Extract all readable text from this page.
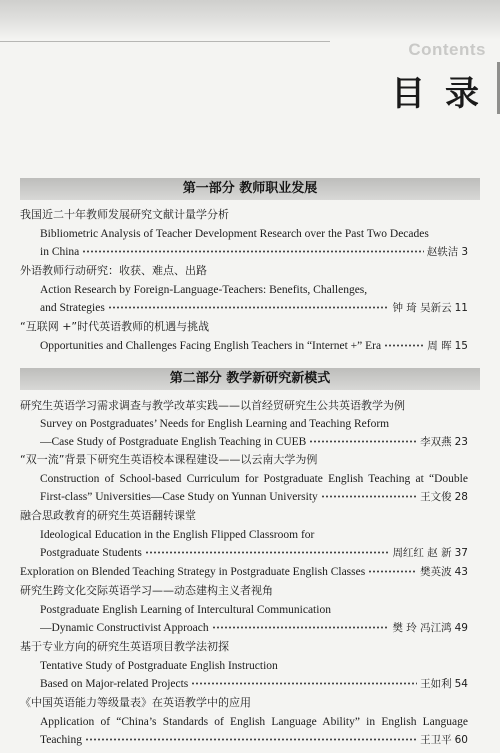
Contents
目 录
第一部分 教师职业发展
我国近二十年教师发展研究文献计量学分析
Bibliometric Analysis of Teacher Development Research over the Past Two Decades
in China	赵轶洁 3
外语教师行动研究：收获、难点、出路
Action Research by Foreign-Language-Teachers: Benefits, Challenges,
and Strategies	钟 琦 吴新云 11
“互联网 +”时代英语教师的机遇与挑战
Opportunities and Challenges Facing English Teachers in “Internet +” Era	周 晖 15
第二部分 教学新研究新模式
研究生英语学习需求调查与教学改革实践——以首经贸研究生公共英语教学为例
Survey on Postgraduates’ Needs for English Learning and Teaching Reform
—Case Study of Postgraduate English Teaching in CUEB	李双燕 23
“双一流”背景下研究生英语校本课程建设——以云南大学为例
Construction of School-based Curriculum for Postgraduate English Teaching at “Double
First-class” Universities—Case Study on Yunnan University	王文俊 28
融合思政教育的研究生英语翻转课堂
Ideological Education in the English Flipped Classroom for
Postgraduate Students	周红红 赵 新 37
Exploration on Blended Teaching Strategy in Postgraduate English Classes	樊英波 43
研究生跨文化交际英语学习——动态建构主义者视角
Postgraduate English Learning of Intercultural Communication
—Dynamic Constructivist Approach	樊 玲 冯江鸿 49
基于专业方向的研究生英语项目教学法初探
Tentative Study of Postgraduate English Instruction
Based on Major-related Projects	王如利 54
《中国英语能力等级量表》在英语教学中的应用
Application of “China’s Standards of English Language Ability” in English Language
Teaching	王卫平 60
